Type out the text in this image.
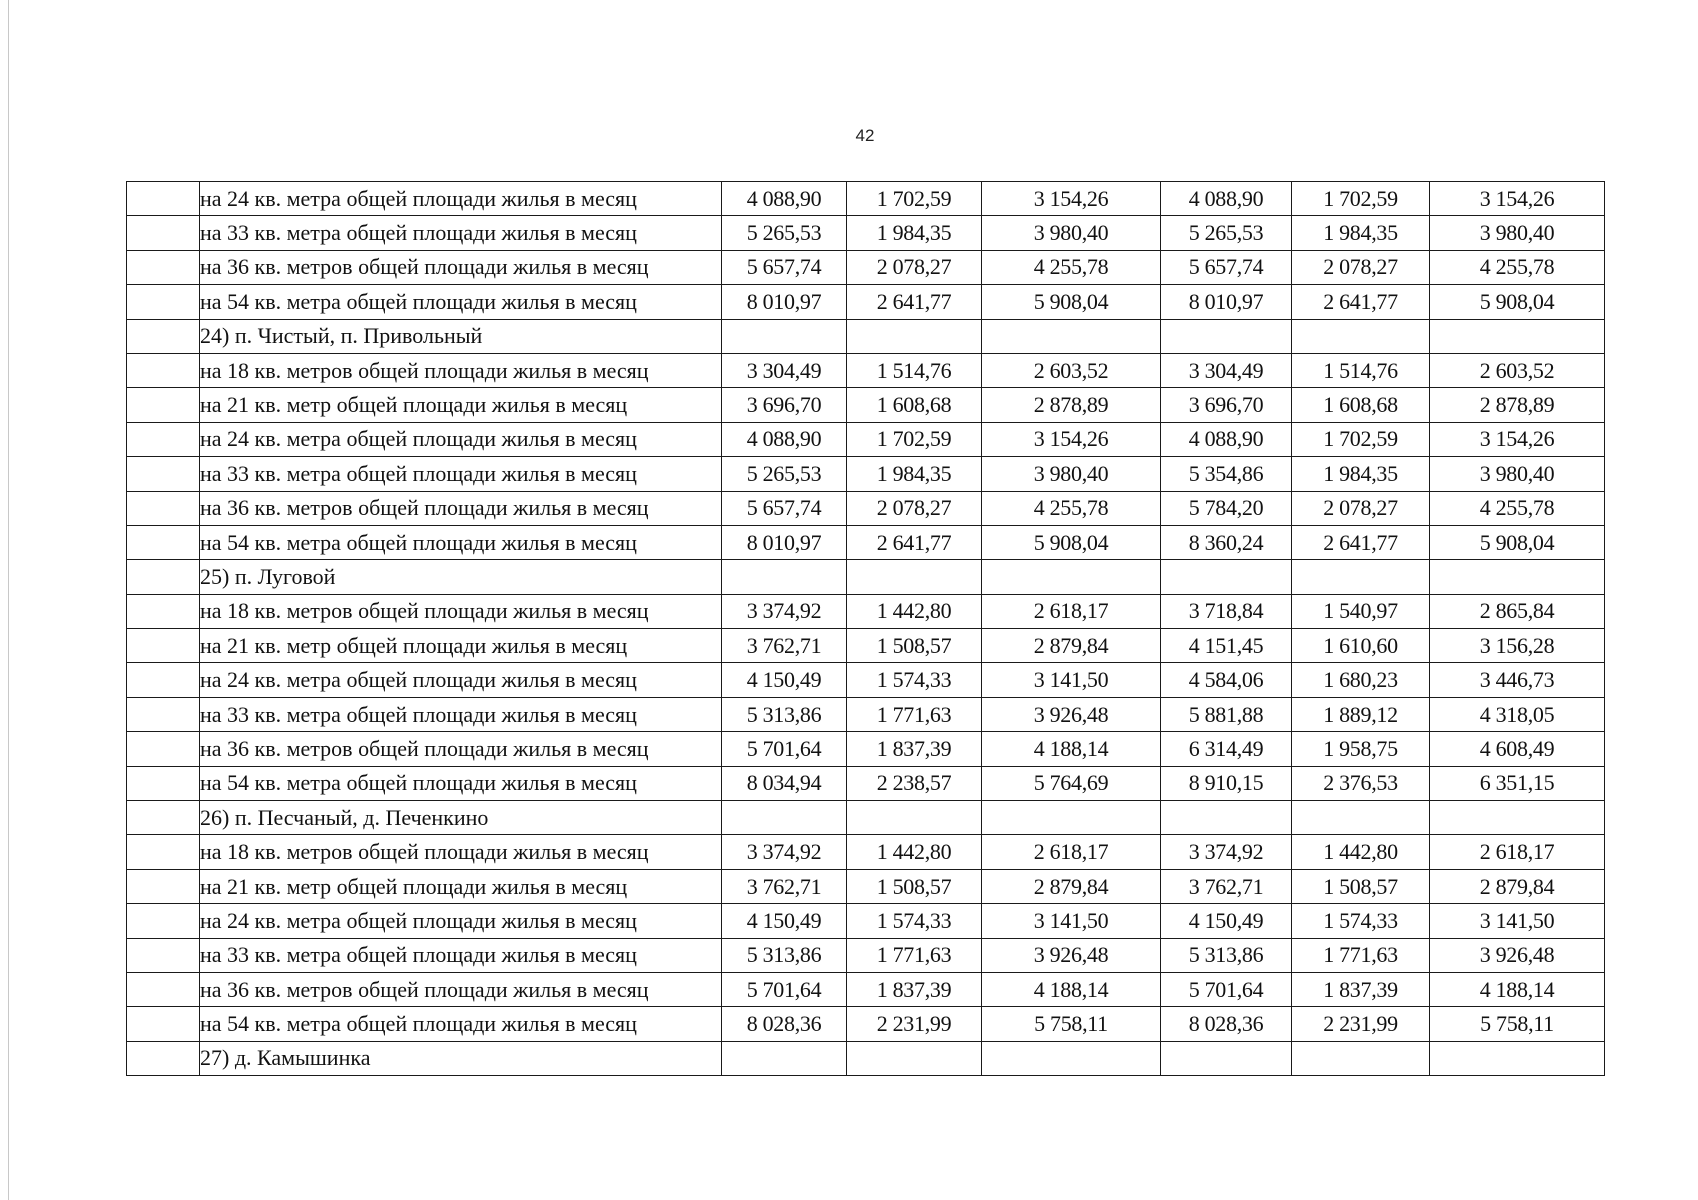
42
	на 24 кв. метра общей площади жилья в месяц	4 088,90	1 702,59	3 154,26	4 088,90	1 702,59	3 154,26
	на 33 кв. метра общей площади жилья в месяц	5 265,53	1 984,35	3 980,40	5 265,53	1 984,35	3 980,40
	на 36 кв. метров общей площади жилья в месяц	5 657,74	2 078,27	4 255,78	5 657,74	2 078,27	4 255,78
	на 54 кв. метра общей площади жилья в месяц	8 010,97	2 641,77	5 908,04	8 010,97	2 641,77	5 908,04
	24) п. Чистый, п. Привольный						
	на 18 кв. метров общей площади жилья в месяц	3 304,49	1 514,76	2 603,52	3 304,49	1 514,76	2 603,52
	на 21 кв. метр общей площади жилья в месяц	3 696,70	1 608,68	2 878,89	3 696,70	1 608,68	2 878,89
	на 24 кв. метра общей площади жилья в месяц	4 088,90	1 702,59	3 154,26	4 088,90	1 702,59	3 154,26
	на 33 кв. метра общей площади жилья в месяц	5 265,53	1 984,35	3 980,40	5 354,86	1 984,35	3 980,40
	на 36 кв. метров общей площади жилья в месяц	5 657,74	2 078,27	4 255,78	5 784,20	2 078,27	4 255,78
	на 54 кв. метра общей площади жилья в месяц	8 010,97	2 641,77	5 908,04	8 360,24	2 641,77	5 908,04
	25) п. Луговой						
	на 18 кв. метров общей площади жилья в месяц	3 374,92	1 442,80	2 618,17	3 718,84	1 540,97	2 865,84
	на 21 кв. метр общей площади жилья в месяц	3 762,71	1 508,57	2 879,84	4 151,45	1 610,60	3 156,28
	на 24 кв. метра общей площади жилья в месяц	4 150,49	1 574,33	3 141,50	4 584,06	1 680,23	3 446,73
	на 33 кв. метра общей площади жилья в месяц	5 313,86	1 771,63	3 926,48	5 881,88	1 889,12	4 318,05
	на 36 кв. метров общей площади жилья в месяц	5 701,64	1 837,39	4 188,14	6 314,49	1 958,75	4 608,49
	на 54 кв. метра общей площади жилья в месяц	8 034,94	2 238,57	5 764,69	8 910,15	2 376,53	6 351,15
	26) п. Песчаный, д. Печенкино						
	на 18 кв. метров общей площади жилья в месяц	3 374,92	1 442,80	2 618,17	3 374,92	1 442,80	2 618,17
	на 21 кв. метр общей площади жилья в месяц	3 762,71	1 508,57	2 879,84	3 762,71	1 508,57	2 879,84
	на 24 кв. метра общей площади жилья в месяц	4 150,49	1 574,33	3 141,50	4 150,49	1 574,33	3 141,50
	на 33 кв. метра общей площади жилья в месяц	5 313,86	1 771,63	3 926,48	5 313,86	1 771,63	3 926,48
	на 36 кв. метров общей площади жилья в месяц	5 701,64	1 837,39	4 188,14	5 701,64	1 837,39	4 188,14
	на 54 кв. метра общей площади жилья в месяц	8 028,36	2 231,99	5 758,11	8 028,36	2 231,99	5 758,11
	27) д. Камышинка						
